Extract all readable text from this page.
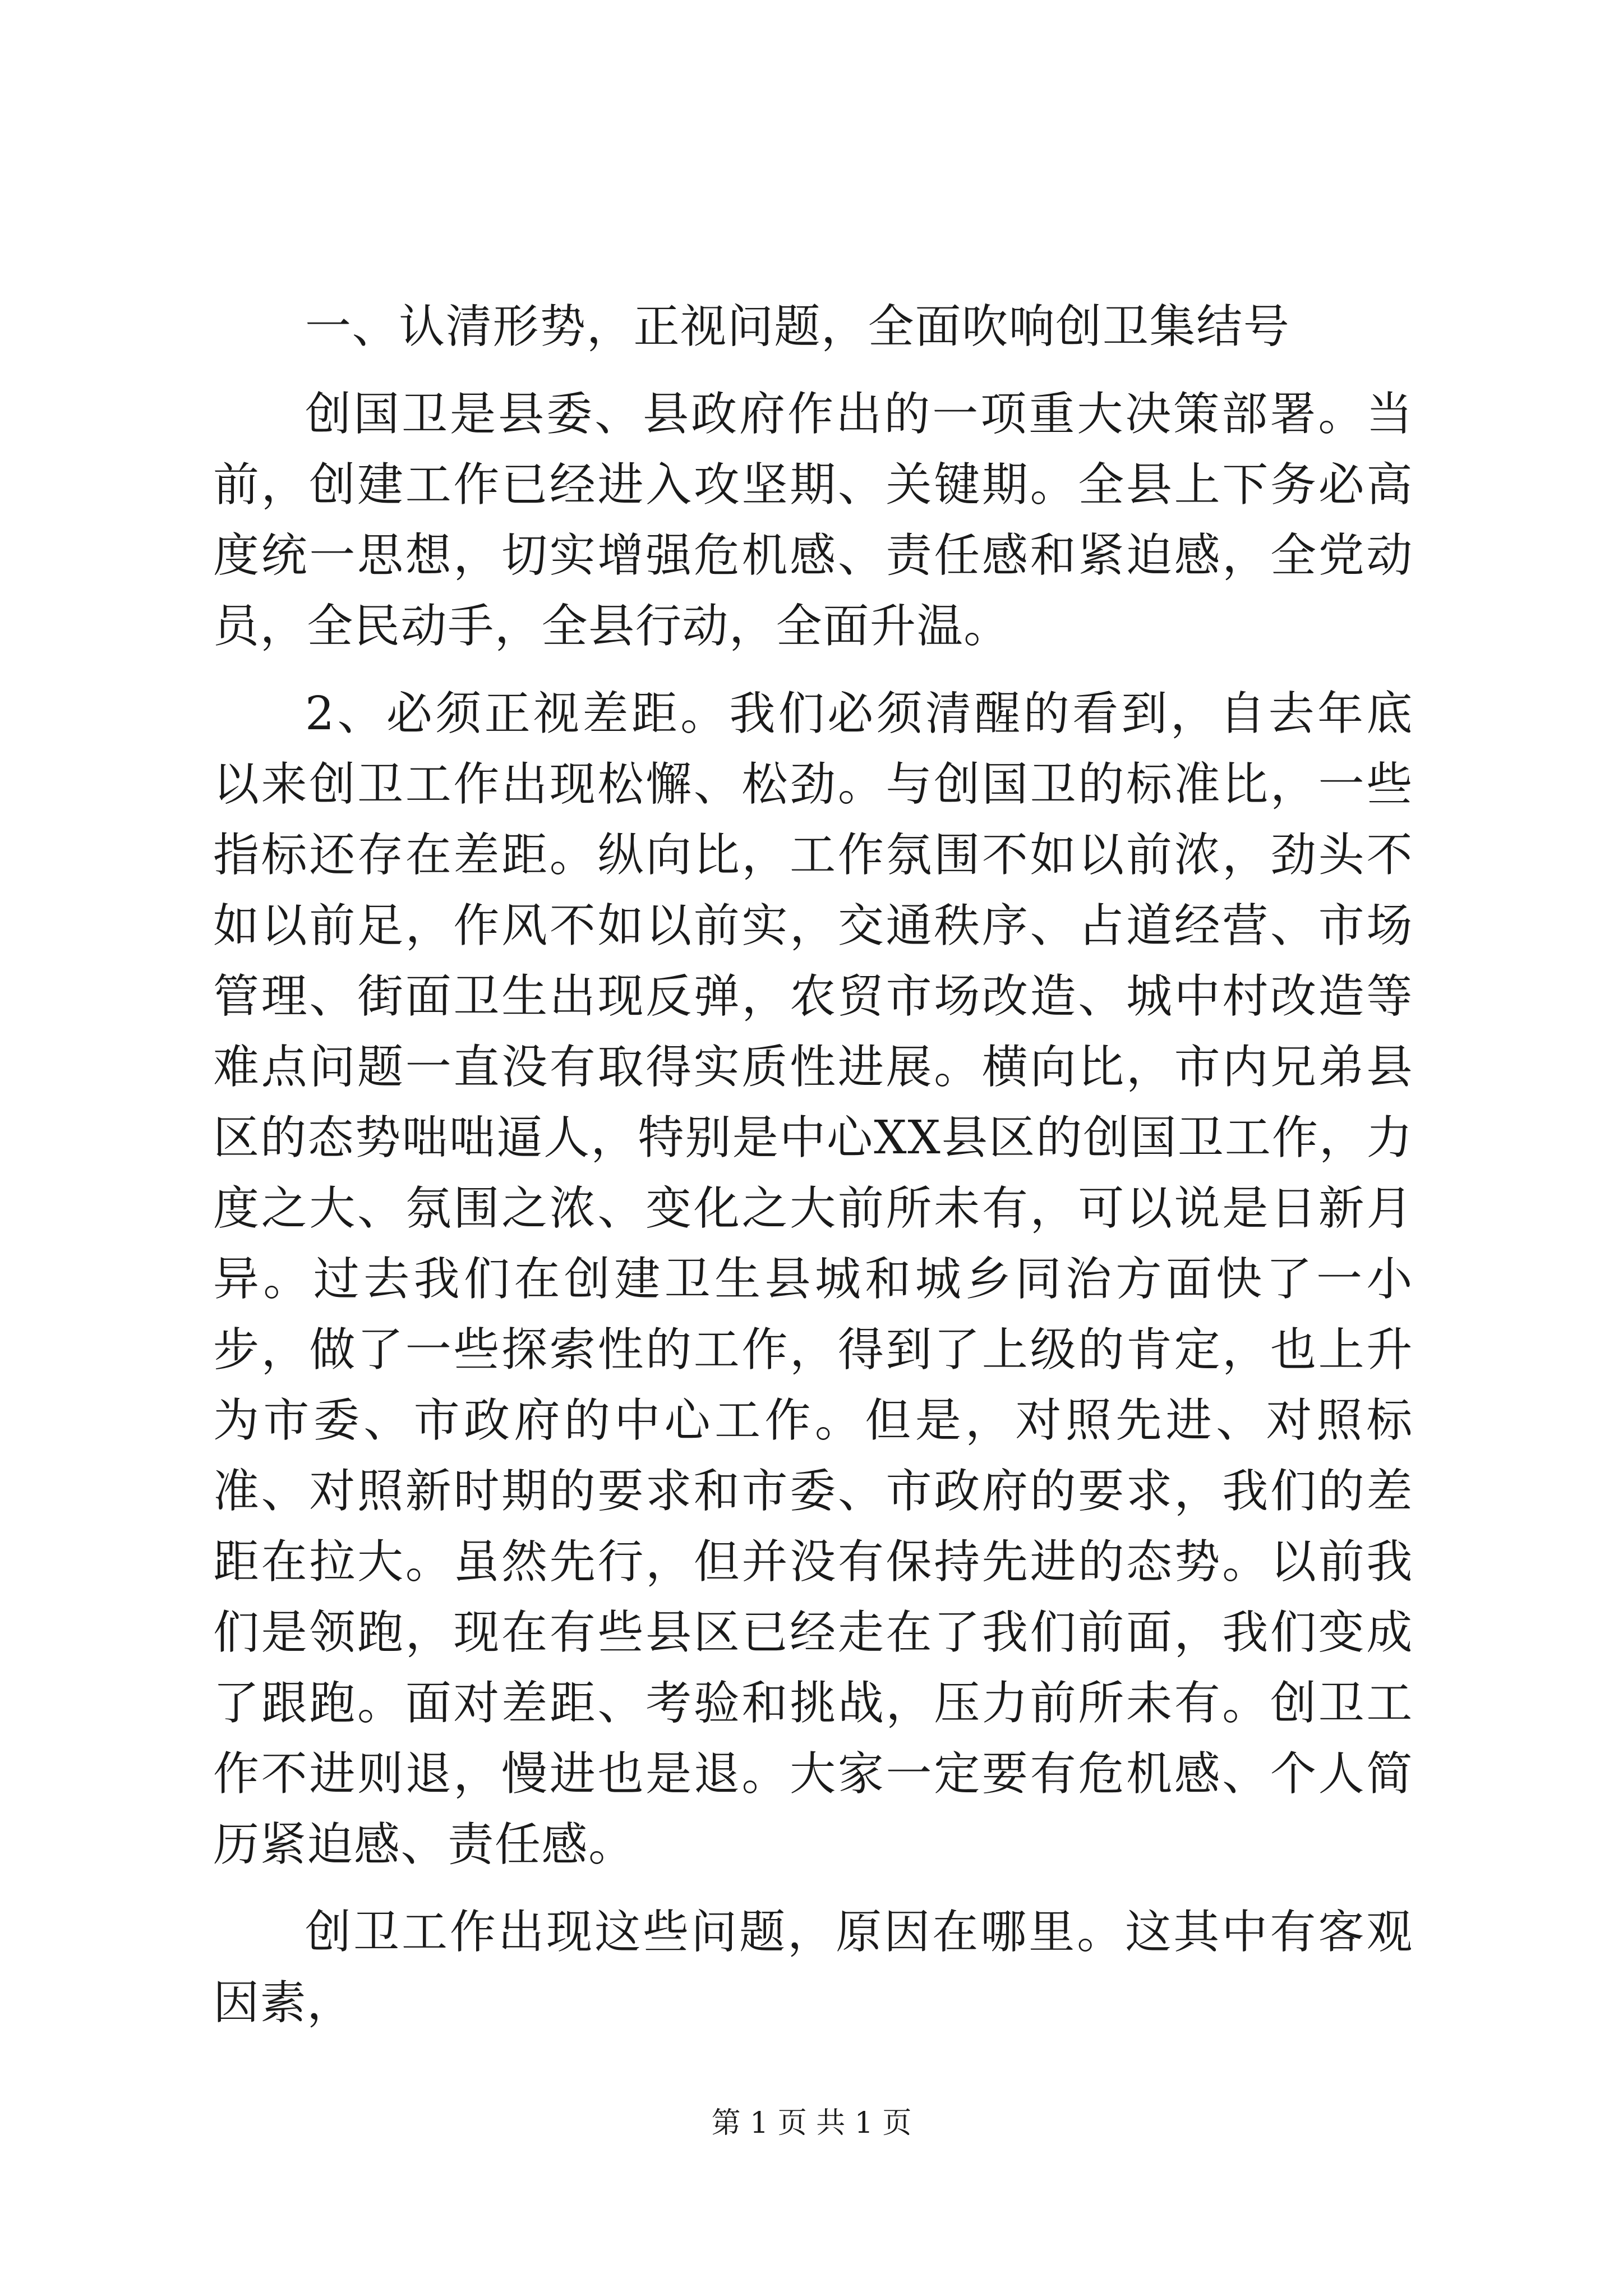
一、认清形势，正视问题，全面吹响创卫集结号

创国卫是县委、县政府作出的一项重大决策部署。当前，创建工作已经进入攻坚期、关键期。全县上下务必高度统一思想，切实增强危机感、责任感和紧迫感，全党动员，全民动手，全县行动，全面升温。

2、必须正视差距。我们必须清醒的看到，自去年底以来创卫工作出现松懈、松劲。与创国卫的标准比，一些指标还存在差距。纵向比，工作氛围不如以前浓，劲头不如以前足，作风不如以前实，交通秩序、占道经营、市场管理、街面卫生出现反弹，农贸市场改造、城中村改造等难点问题一直没有取得实质性进展。横向比，市内兄弟县区的态势咄咄逼人，特别是中心XX县区的创国卫工作，力度之大、氛围之浓、变化之大前所未有，可以说是日新月异。过去我们在创建卫生县城和城乡同治方面快了一小步，做了一些探索性的工作，得到了上级的肯定，也上升为市委、市政府的中心工作。但是，对照先进、对照标准、对照新时期的要求和市委、市政府的要求，我们的差距在拉大。虽然先行，但并没有保持先进的态势。以前我们是领跑，现在有些县区已经走在了我们前面，我们变成了跟跑。面对差距、考验和挑战，压力前所未有。创卫工作不进则退，慢进也是退。大家一定要有危机感、个人简历紧迫感、责任感。

创卫工作出现这些问题，原因在哪里。这其中有客观因素，

第 1 页 共 1 页
